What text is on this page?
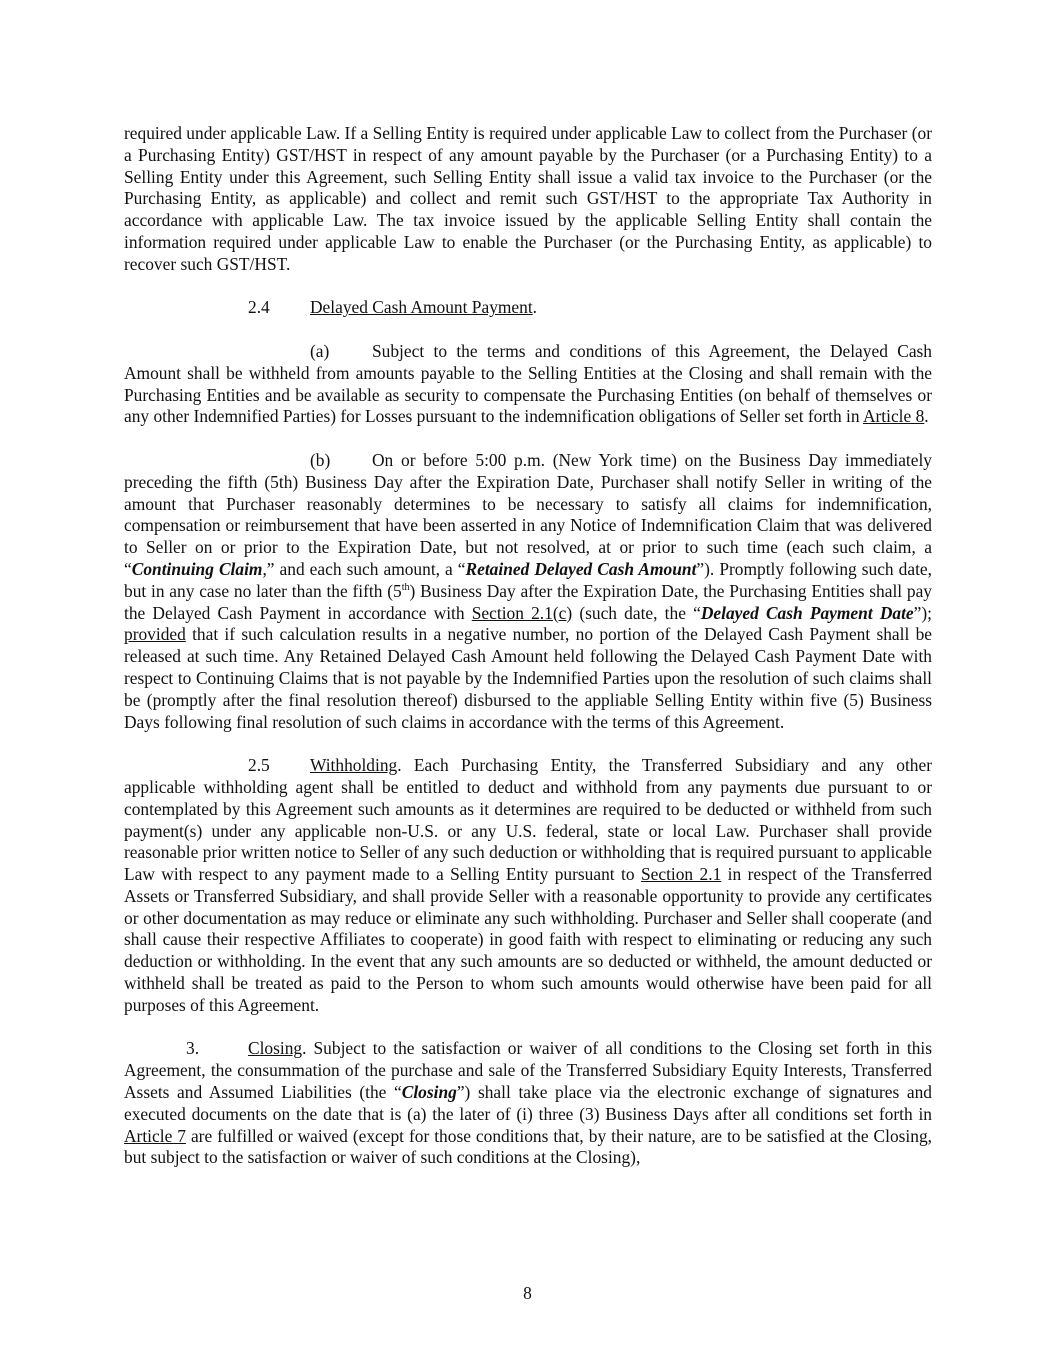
required under applicable Law. If a Selling Entity is required under applicable Law to collect from the Purchaser (or a Purchasing Entity) GST/HST in respect of any amount payable by the Purchaser (or a Purchasing Entity) to a Selling Entity under this Agreement, such Selling Entity shall issue a valid tax invoice to the Purchaser (or the Purchasing Entity, as applicable) and collect and remit such GST/HST to the appropriate Tax Authority in accordance with applicable Law. The tax invoice issued by the applicable Selling Entity shall contain the information required under applicable Law to enable the Purchaser (or the Purchasing Entity, as applicable) to recover such GST/HST.

2.4 Delayed Cash Amount Payment.

(a) Subject to the terms and conditions of this Agreement, the Delayed Cash Amount shall be withheld from amounts payable to the Selling Entities at the Closing and shall remain with the Purchasing Entities and be available as security to compensate the Purchasing Entities (on behalf of themselves or any other Indemnified Parties) for Losses pursuant to the indemnification obligations of Seller set forth in Article 8.

(b) On or before 5:00 p.m. (New York time) on the Business Day immediately preceding the fifth (5th) Business Day after the Expiration Date, Purchaser shall notify Seller in writing of the amount that Purchaser reasonably determines to be necessary to satisfy all claims for indemnification, compensation or reimbursement that have been asserted in any Notice of Indemnification Claim that was delivered to Seller on or prior to the Expiration Date, but not resolved, at or prior to such time (each such claim, a “Continuing Claim,” and each such amount, a “Retained Delayed Cash Amount”). Promptly following such date, but in any case no later than the fifth (5th) Business Day after the Expiration Date, the Purchasing Entities shall pay the Delayed Cash Payment in accordance with Section 2.1(c) (such date, the “Delayed Cash Payment Date”); provided that if such calculation results in a negative number, no portion of the Delayed Cash Payment shall be released at such time. Any Retained Delayed Cash Amount held following the Delayed Cash Payment Date with respect to Continuing Claims that is not payable by the Indemnified Parties upon the resolution of such claims shall be (promptly after the final resolution thereof) disbursed to the appliable Selling Entity within five (5) Business Days following final resolution of such claims in accordance with the terms of this Agreement.

2.5 Withholding. Each Purchasing Entity, the Transferred Subsidiary and any other applicable withholding agent shall be entitled to deduct and withhold from any payments due pursuant to or contemplated by this Agreement such amounts as it determines are required to be deducted or withheld from such payment(s) under any applicable non-U.S. or any U.S. federal, state or local Law. Purchaser shall provide reasonable prior written notice to Seller of any such deduction or withholding that is required pursuant to applicable Law with respect to any payment made to a Selling Entity pursuant to Section 2.1 in respect of the Transferred Assets or Transferred Subsidiary, and shall provide Seller with a reasonable opportunity to provide any certificates or other documentation as may reduce or eliminate any such withholding. Purchaser and Seller shall cooperate (and shall cause their respective Affiliates to cooperate) in good faith with respect to eliminating or reducing any such deduction or withholding. In the event that any such amounts are so deducted or withheld, the amount deducted or withheld shall be treated as paid to the Person to whom such amounts would otherwise have been paid for all purposes of this Agreement.

3.	Closing. Subject to the satisfaction or waiver of all conditions to the Closing set forth in this Agreement, the consummation of the purchase and sale of the Transferred Subsidiary Equity Interests, Transferred Assets and Assumed Liabilities (the “Closing”) shall take place via the electronic exchange of signatures and executed documents on the date that is (a) the later of (i) three (3) Business Days after all conditions set forth in Article 7 are fulfilled or waived (except for those conditions that, by their nature, are to be satisfied at the Closing, but subject to the satisfaction or waiver of such conditions at the Closing),

8
